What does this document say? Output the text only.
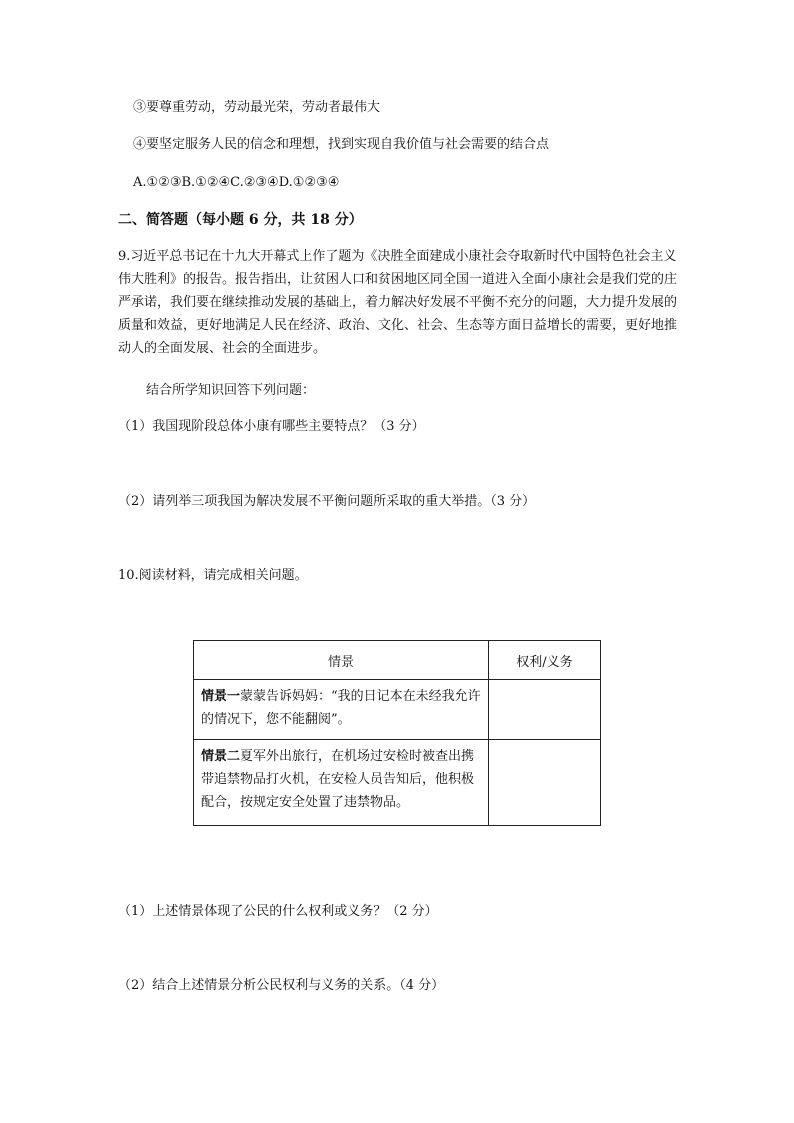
③要尊重劳动，劳动最光荣，劳动者最伟大
④要坚定服务人民的信念和理想，找到实现自我价值与社会需要的结合点
A.①②③B.①②④C.②③④D.①②③④
二、简答题（每小题 6 分，共 18 分）
9.习近平总书记在十九大开幕式上作了题为《决胜全面建成小康社会夺取新时代中国特色社会主义伟大胜利》的报告。报告指出，让贫困人口和贫困地区同全国一道进入全面小康社会是我们党的庄严承诺，我们要在继续推动发展的基础上，着力解决好发展不平衡不充分的问题，大力提升发展的质量和效益，更好地满足人民在经济、政治、文化、社会、生态等方面日益增长的需要，更好地推动人的全面发展、社会的全面进步。
结合所学知识回答下列问题：
（1）我国现阶段总体小康有哪些主要特点？（3 分）
（2）请列举三项我国为解决发展不平衡问题所采取的重大举措。（3 分）
10.阅读材料，请完成相关问题。
情景	权利/义务

情景一蒙蒙告诉妈妈：“我的日记本在未经我允许的情况下，您不能翻阅”。	

情景二夏军外出旅行，在机场过安检时被查出携带追禁物品打火机，在安检人员告知后，他积极配合，按规定安全处置了违禁物品。	

（1）上述情景体现了公民的什么权利或义务？（2 分）
（2）结合上述情景分析公民权利与义务的关系。（4 分）
